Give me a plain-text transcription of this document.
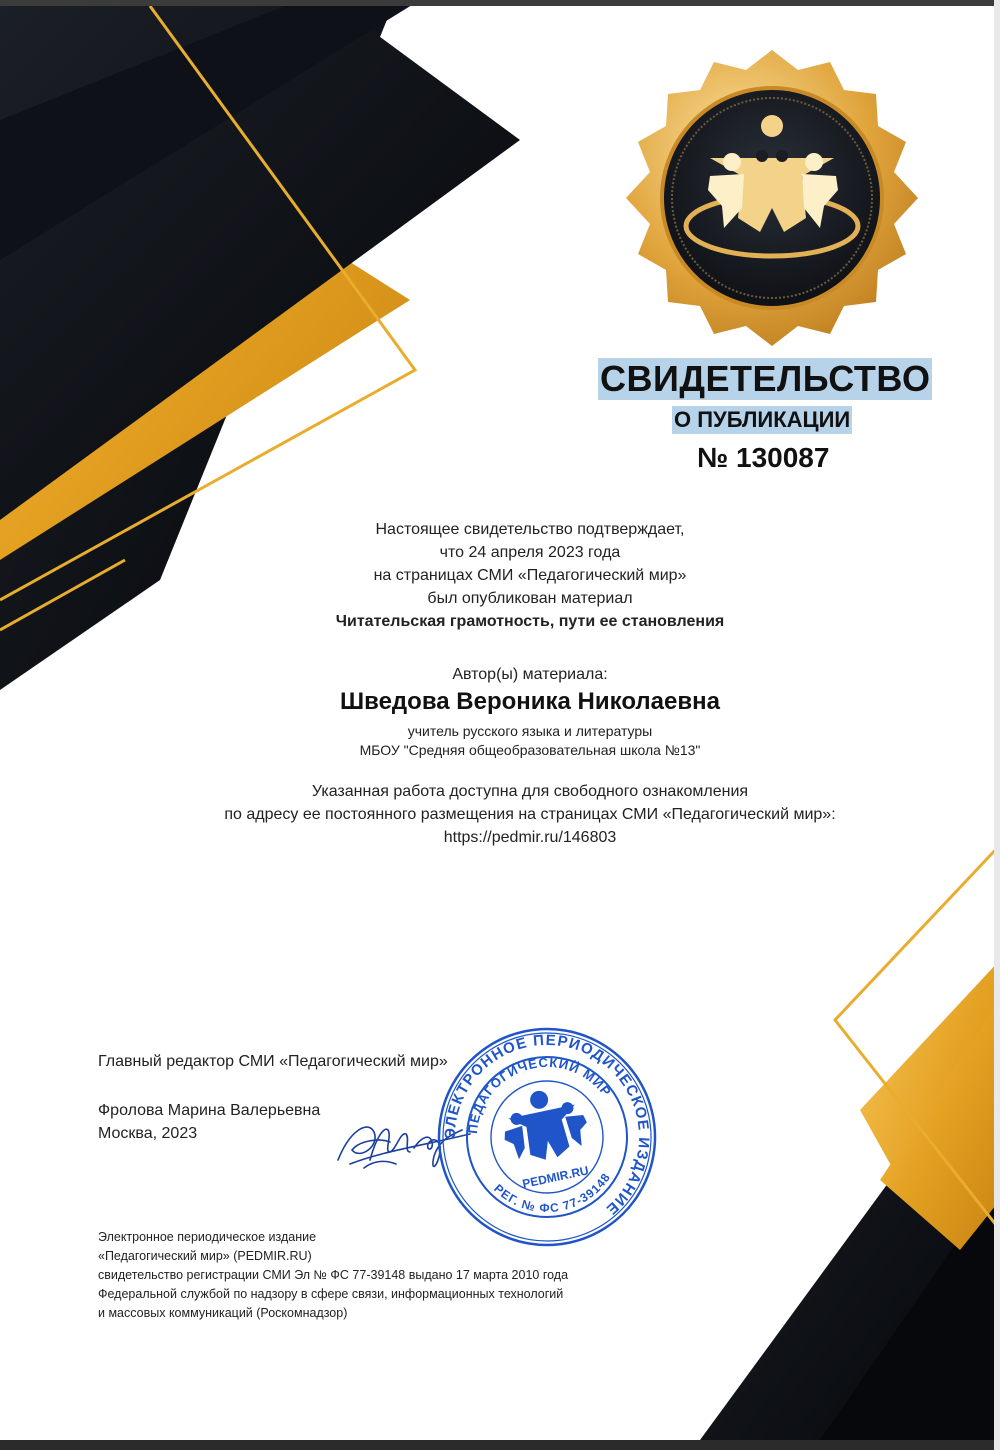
СВИДЕТЕЛЬСТВО
О ПУБЛИКАЦИИ
№ 130087
Настоящее свидетельство подтверждает,
что 24 апреля 2023 года
на страницах СМИ «Педагогический мир»
был опубликован материал
Читательская грамотность, пути ее становления
Автор(ы) материала:
Шведова Вероника Николаевна
учитель русского языка и литературы
МБОУ "Средняя общеобразовательная школа №13"
Указанная работа доступна для свободного ознакомления
по адресу ее постоянного размещения на страницах СМИ «Педагогический мир»:
https://pedmir.ru/146803
Главный редактор СМИ «Педагогический мир»
Фролова Марина Валерьевна
Москва, 2023	ЭЛЕКТРОННОЕ ПЕРИОДИЧЕСКОЕ ИЗДАНИЕ
ПЕДАГОГИЧЕСКИЙ МИР
РЕГ. № ФС 77-39148
PEDMIR.RU
Электронное периодическое издание
«Педагогический мир» (PEDMIR.RU)
свидетельство регистрации СМИ Эл № ФС 77-39148 выдано 17 марта 2010 года
Федеральной службой по надзору в сфере связи, информационных технологий
и массовых коммуникаций (Роскомнадзор)
